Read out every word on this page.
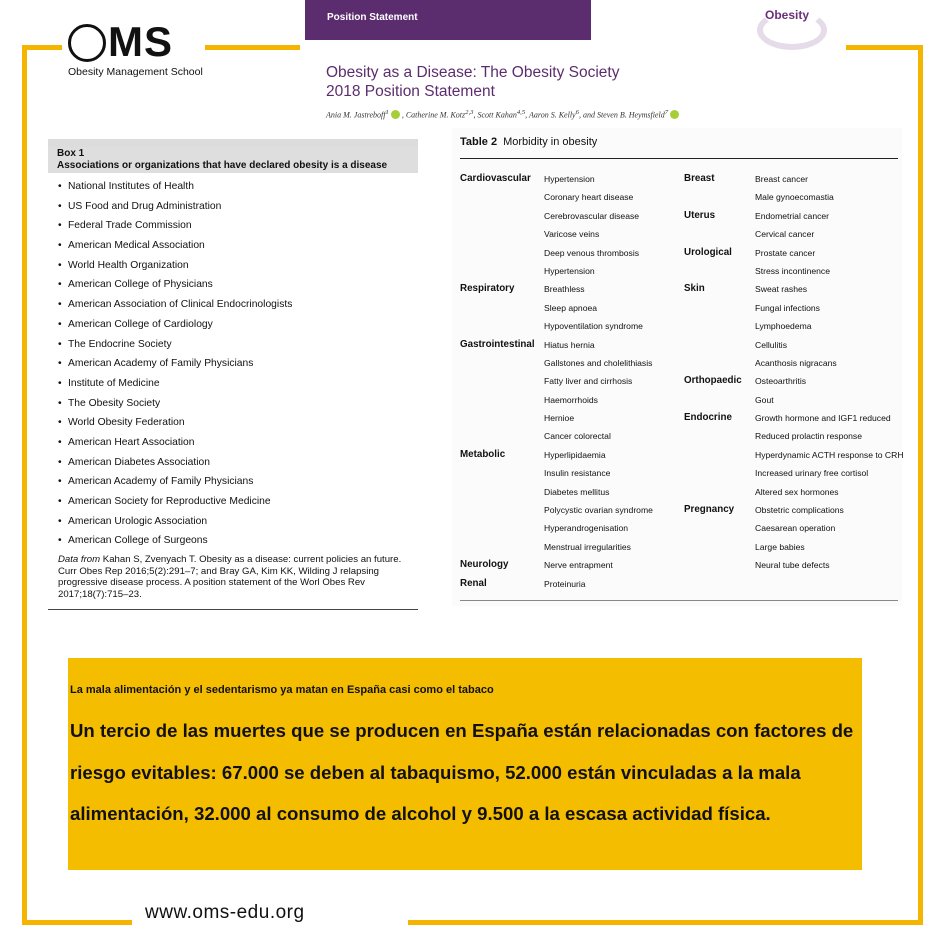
MS
Obesity Management School
Position Statement	Obesity
Obesity as a Disease: The Obesity Society
2018 Position Statement
Ania M. Jastreboff$^1$ , Catherine M. Kotz$^{2,3}$, Scott Kahan$^{4,5}$, Aaron S. Kelly$^6$, and Steven B. Heymsfield$^7$
Box 1
Associations or organizations that have declared obesity is a disease
• National Institutes of Health
• US Food and Drug Administration
• Federal Trade Commission
• American Medical Association
• World Health Organization
• American College of Physicians
• American Association of Clinical Endocrinologists
• American College of Cardiology
• The Endocrine Society
• American Academy of Family Physicians
• Institute of Medicine
• The Obesity Society
• World Obesity Federation
• American Heart Association
• American Diabetes Association
• American Academy of Family Physicians
• American Society for Reproductive Medicine
• American Urologic Association
• American College of Surgeons
Data from Kahan S, Zvenyach T. Obesity as a disease: current policies an future. Curr Obes Rep 2016;5(2):291–7; and Bray GA, Kim KK, Wilding J relapsing progressive disease process. A position statement of the Worl Obes Rev 2017;18(7):715–23.
Table 2 Morbidity in obesity
Cardiovascular
Respiratory
Gastrointestinal
Metabolic
Neurology
Renal
Hypertension
Coronary heart disease
Cerebrovascular disease
Varicose veins
Deep venous thrombosis
Hypertension
Breathless
Sleep apnoea
Hypoventilation syndrome
Hiatus hernia
Gallstones and cholelithiasis
Fatty liver and cirrhosis
Haemorrhoids
Hernioe
Cancer colorectal
Hyperlipidaemia
Insulin resistance
Diabetes mellitus
Polycystic ovarian syndrome
Hyperandrogenisation
Menstrual irregularities
Nerve entrapment
Proteinuria
Breast
Uterus
Urological
Skin
Orthopaedic
Endocrine
Pregnancy
Breast cancer
Male gynoecomastia
Endometrial cancer
Cervical cancer
Prostate cancer
Stress incontinence
Sweat rashes
Fungal infections
Lymphoedema
Cellulitis
Acanthosis nigracans
Osteoarthritis
Gout
Growth hormone and IGF1 reduced
Reduced prolactin response
Hyperdynamic ACTH response to CRH
Increased urinary free cortisol
Altered sex hormones
Obstetric complications
Caesarean operation
Large babies
Neural tube defects
La mala alimentación y el sedentarismo ya matan en España casi como el tabaco
Un tercio de las muertes que se producen en España están relacionadas con factores de riesgo evitables: 67.000 se deben al tabaquismo, 52.000 están vinculadas a la mala alimentación, 32.000 al consumo de alcohol y 9.500 a la escasa actividad física.
www.oms-edu.org
